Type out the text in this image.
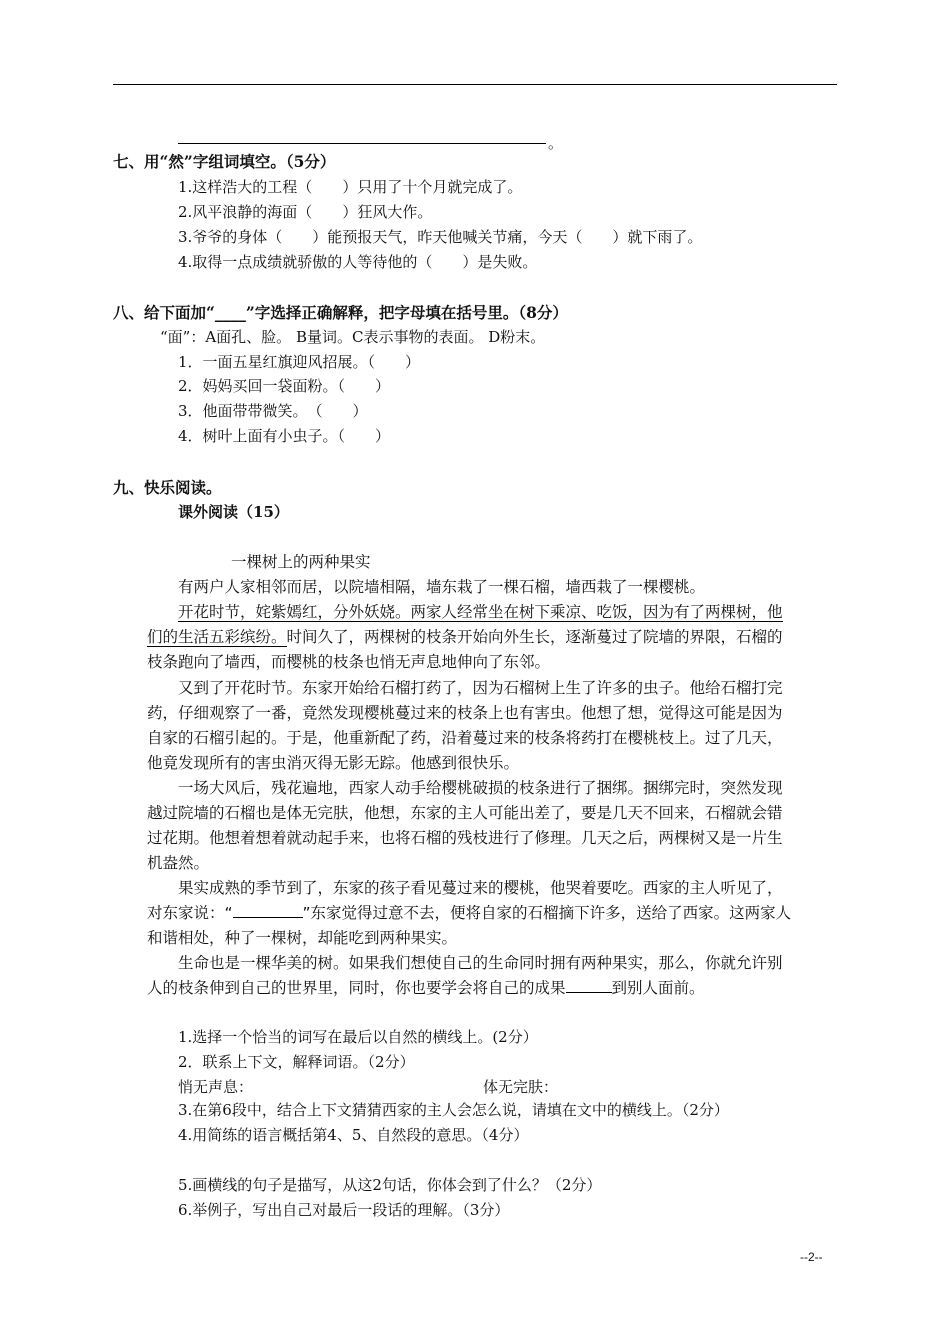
。
七、用“然”字组词填空。（5分）
1.这样浩大的工程（　　）只用了十个月就完成了。
2.风平浪静的海面（　　）狂风大作。
3.爷爷的身体（　　）能预报天气，昨天他喊关节痛，今天（　　）就下雨了。
4.取得一点成绩就骄傲的人等待他的（　　）是失败。
八、给下面加“____”字选择正确解释，把字母填在括号里。（8分）
“面”：A面孔、脸。 B量词。C表示事物的表面。 D粉末。
1．一面五星红旗迎风招展。（　　）
2．妈妈买回一袋面粉。（　　）
3．他面带带微笑。　（　　）
4．树叶上面有小虫子。（　　）
九、快乐阅读。
课外阅读（15）
一棵树上的两种果实
有两户人家相邻而居，以院墙相隔，墙东栽了一棵石榴，墙西栽了一棵樱桃。
开花时节，姹紫嫣红，分外妖娆。两家人经常坐在树下乘凉、吃饭，因为有了两棵树，他
们的生活五彩缤纷。时间久了，两棵树的枝条开始向外生长，逐渐蔓过了院墙的界限，石榴的
枝条跑向了墙西，而樱桃的枝条也悄无声息地伸向了东邻。
又到了开花时节。东家开始给石榴打药了，因为石榴树上生了许多的虫子。他给石榴打完
药，仔细观察了一番，竟然发现樱桃蔓过来的枝条上也有害虫。他想了想，觉得这可能是因为
自家的石榴引起的。于是，他重新配了药，沿着蔓过来的枝条将药打在樱桃枝上。过了几天，
他竟发现所有的害虫消灭得无影无踪。他感到很快乐。
一场大风后，残花遍地，西家人动手给樱桃破损的枝条进行了捆绑。捆绑完时，突然发现
越过院墙的石榴也是体无完肤，他想，东家的主人可能出差了，要是几天不回来，石榴就会错
过花期。他想着想着就动起手来，也将石榴的残枝进行了修理。几天之后，两棵树又是一片生
机盎然。
果实成熟的季节到了，东家的孩子看见蔓过来的樱桃，他哭着要吃。西家的主人听见了，
对东家说：“	”东家觉得过意不去，便将自家的石榴摘下许多，送给了西家。这两家人
和谐相处，种了一棵树，却能吃到两种果实。
生命也是一棵华美的树。如果我们想使自己的生命同时拥有两种果实，那么，你就允许别
人的枝条伸到自己的世界里，同时，你也要学会将自己的成果	到别人面前。
1.选择一个恰当的词写在最后以自然的横线上。(2分）
2．联系上下文，解释词语。（2分）
悄无声息：	体无完肤：
3.在第6段中，结合上下文猜猜西家的主人会怎么说，请填在文中的横线上。（2分）
4.用简练的语言概括第4、5、自然段的意思。（4分）
5.画横线的句子是描写，从这2句话，你体会到了什么？（2分）
6.举例子，写出自己对最后一段话的理解。（3分）
--2--
